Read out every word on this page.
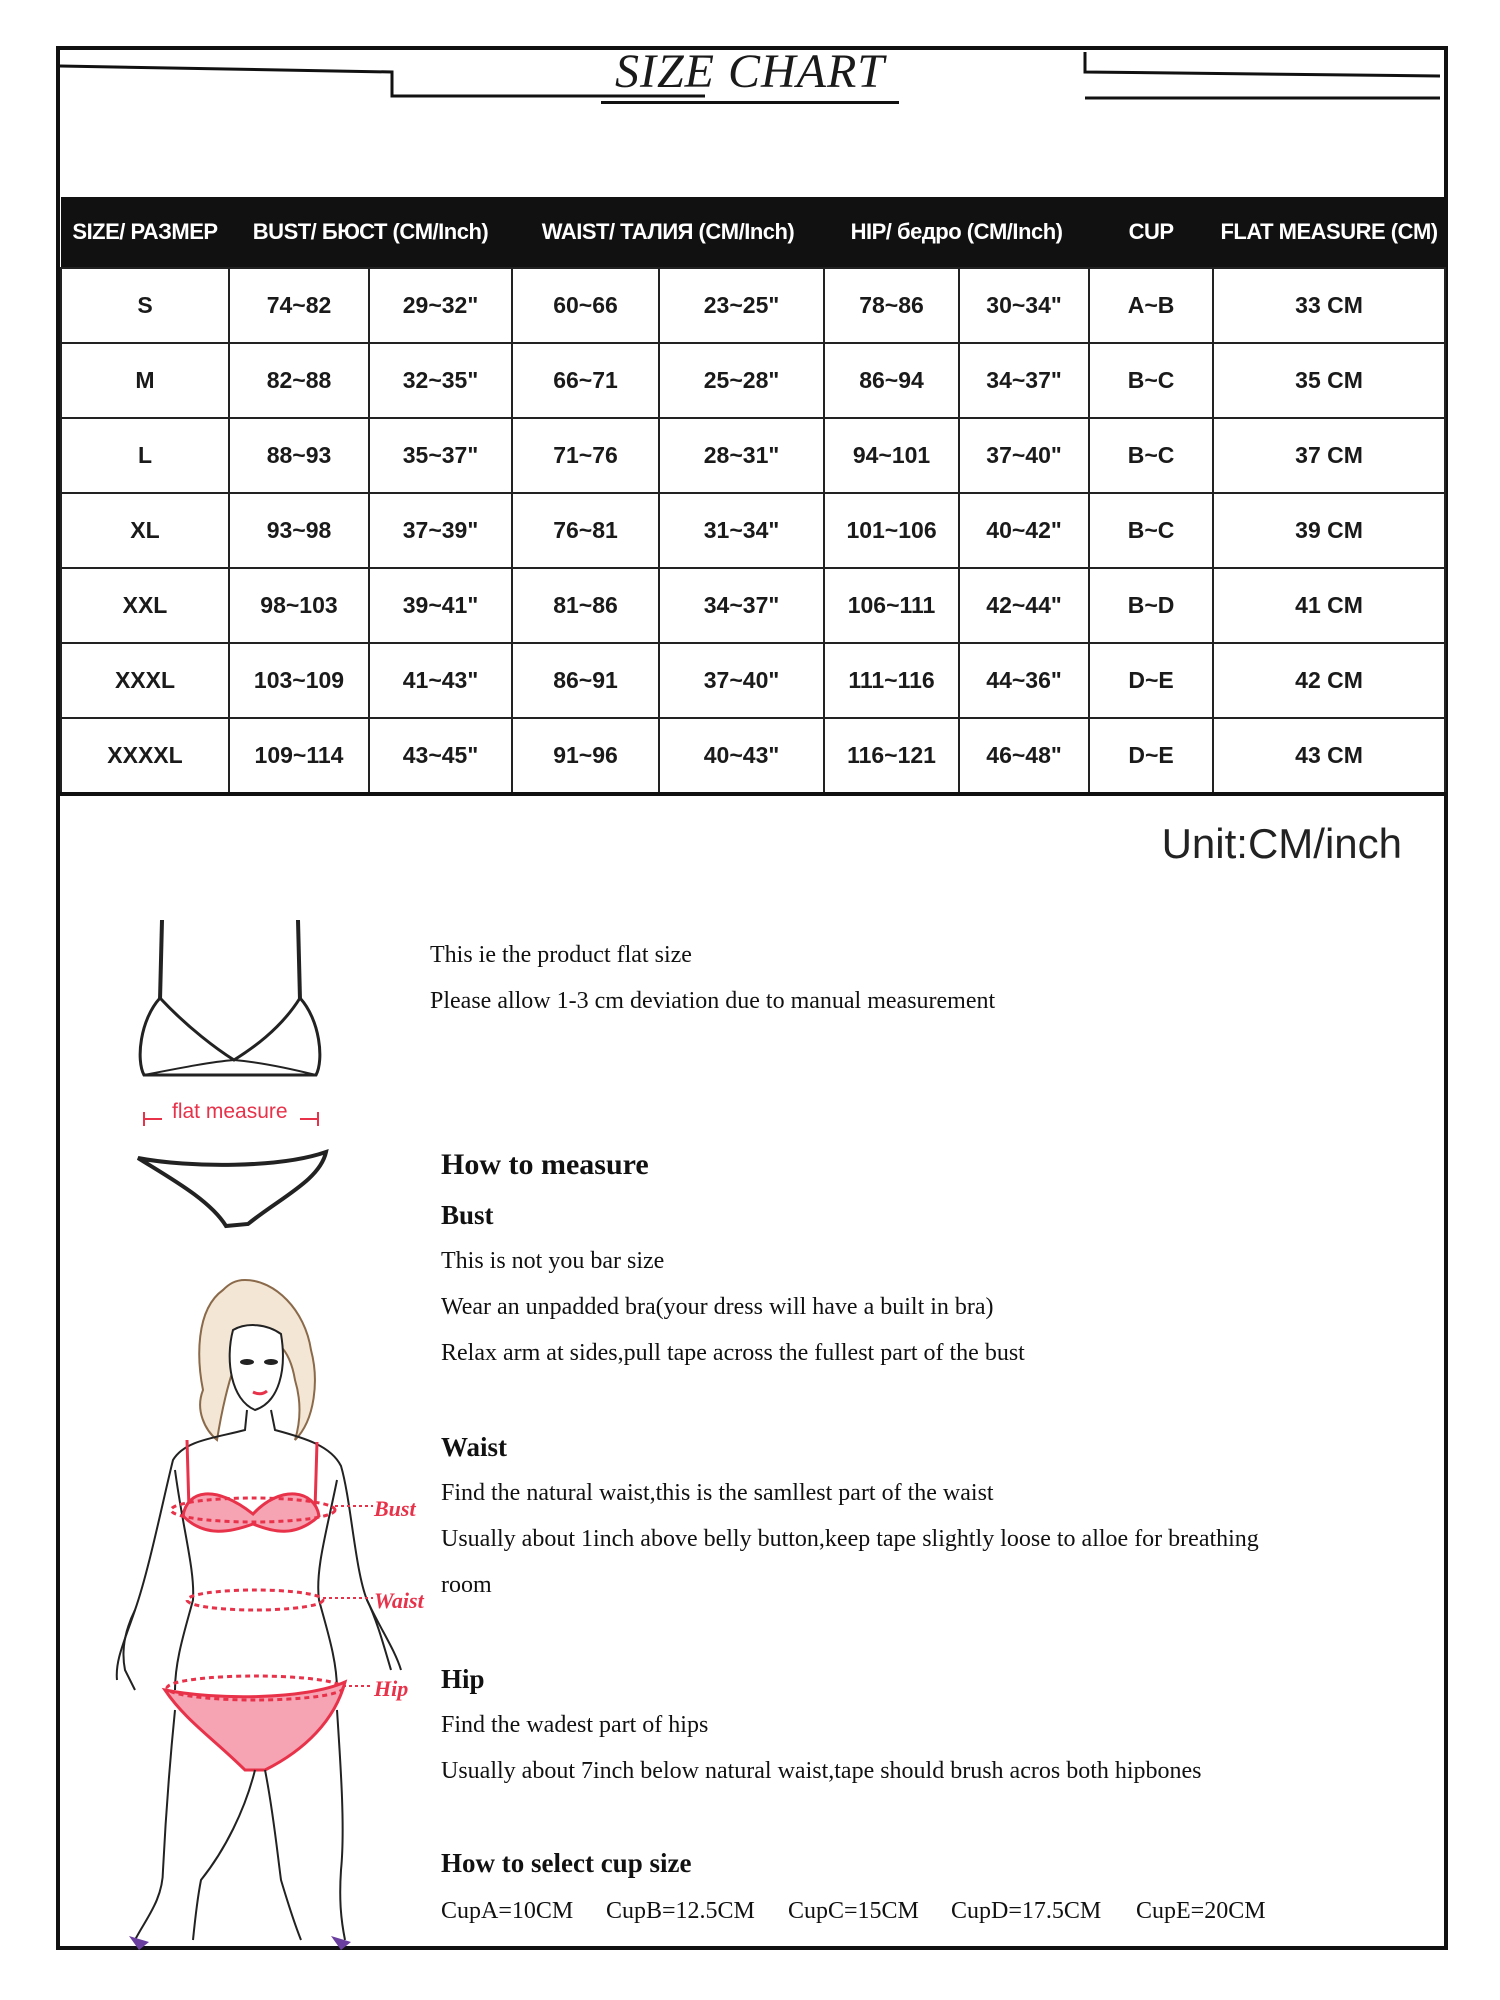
SIZE CHART
SIZE/ РАЗМЕР	BUST/ БЮСТ (CM/Inch)		WAIST/ ТАЛИЯ (CM/Inch)		HIP/ бедро (CM/Inch)		CUP	FLAT MEASURE (CM)
S	74~82	29~32"	60~66	23~25"	78~86	30~34"	A~B	33 CM
M	82~88	32~35"	66~71	25~28"	86~94	34~37"	B~C	35 CM
L	88~93	35~37"	71~76	28~31"	94~101	37~40"	B~C	37 CM
XL	93~98	37~39"	76~81	31~34"	101~106	40~42"	B~C	39 CM
XXL	98~103	39~41"	81~86	34~37"	106~111	42~44"	B~D	41 CM
XXXL	103~109	41~43"	86~91	37~40"	111~116	44~36"	D~E	42 CM
XXXXL	109~114	43~45"	91~96	40~43"	116~121	46~48"	D~E	43 CM
Unit:CM/inch
flat measure
Bust
Waist
Hip
This ie the product flat size
Please allow 1-3 cm deviation due to manual measurement
How to measure
Bust
This is not you bar size
Wear an unpadded bra(your dress will have a built in bra)
Relax arm at sides,pull tape across the fullest part of the bust
Waist
Find the natural waist,this is the samllest part of the waist
Usually about 1inch above belly button,keep tape slightly loose to alloe for breathing
room
Hip
Find the wadest part of hips
Usually about 7inch below natural waist,tape should brush acros both hipbones
How to select cup size
CupA=10CM CupB=12.5CM CupC=15CM CupD=17.5CM CupE=20CM
